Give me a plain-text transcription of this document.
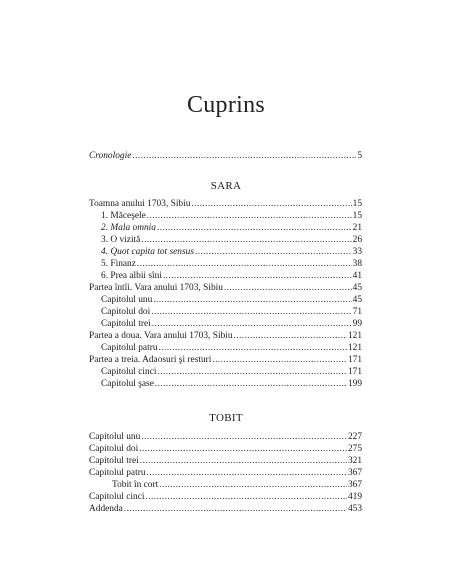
Cuprins
Cronologie .....	5
SARA
Toamna anului 1703, Sibiu .....	15
1. Măceşele .....	15
2. Mala omnia .....	21
3. O vizită .....	26
4. Quot capita tot sensus .....	33
5. Finanz .....	38
6. Prea albii sîni .....	41
Partea întîi. Vara anului 1703, Sibiu .....	45
Capitolul unu .....	45
Capitolul doi .....	71
Capitolul trei .....	99
Partea a doua. Vara anului 1703, Sibiu .....	121
Capitolul patru .....	121
Partea a treia. Adaosuri şi resturi .....	171
Capitolul cinci .....	171
Capitolul şase .....	199
TOBIT
Capitolul unu .....	227
Capitolul doi .....	275
Capitolul trei .....	321
Capitolul patru .....	367
Tobit în cort .....	367
Capitolul cinci .....	419
Addenda .....	453
